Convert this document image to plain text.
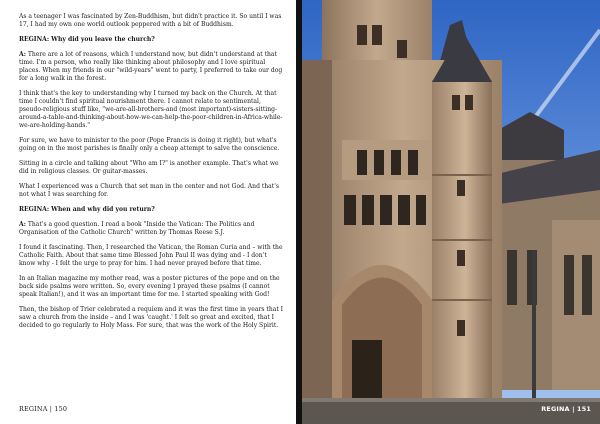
As a teenager I was fascinated by Zen-Buddhism, but didn't practice it. So until I was 17, I had my own one world outlook peppered with a bit of Buddhism.

REGINA: Why did you leave the church?

A: There are a lot of reasons, which I understand now, but didn't understand at that time. I'm a person, who really like thinking about philosophy and I love spiritual places. When my friends in our "wild-years" went to party, I preferred to take our dog for a long walk in the forest.

I think that's the key to understanding why I turned my back on the Church. At that time I couldn't find spiritual nourishment there. I cannot relate to sentimental, pseudo-religious stuff like, "we-are-all-brothers-and (most important)-sisters-sitting-around-a-table-and-thinking-about-how-we-can-help-the-poor-children-in-Africa-while-we-are-holding-hands."

For sure, we have to minister to the poor (Pope Francis is doing it right), but what's going on in the most parishes is finally only a cheap attempt to salve the conscience.

Sitting in a circle and talking about "Who am I?" is another example. That's what we did in religious classes. Or guitar-masses.

What I experienced was a Church that set man in the center and not God. And that's not what I was searching for.

REGINA: When and why did you return?

A: That's a good question. I read a book "Inside the Vatican: The Politics and Organisation of the Catholic Church" written by Thomas Reese S.J.

I found it fascinating. Then, I researched the Vatican, the Roman Curia and – with the Catholic Faith. About that same time Blessed John Paul II was dying and - I don't know why - I felt the urge to pray for him. I had never prayed before that time.

In an Italian magazine my mother read, was a poster pictures of the pope and on the back side psalms were written. So, every evening I prayed these psalms (I cannot speak Italian!), and it was an important time for me. I started speaking with God!

Then, the bishop of Trier celebrated a requiem and it was the first time in years that I saw a church from the inside – and I was 'caught.' I felt so great and excited, that I decided to go regularly to Holy Mass. For sure, that was the work of the Holy Spirit.

REGINA | 150	REGINA | 151
